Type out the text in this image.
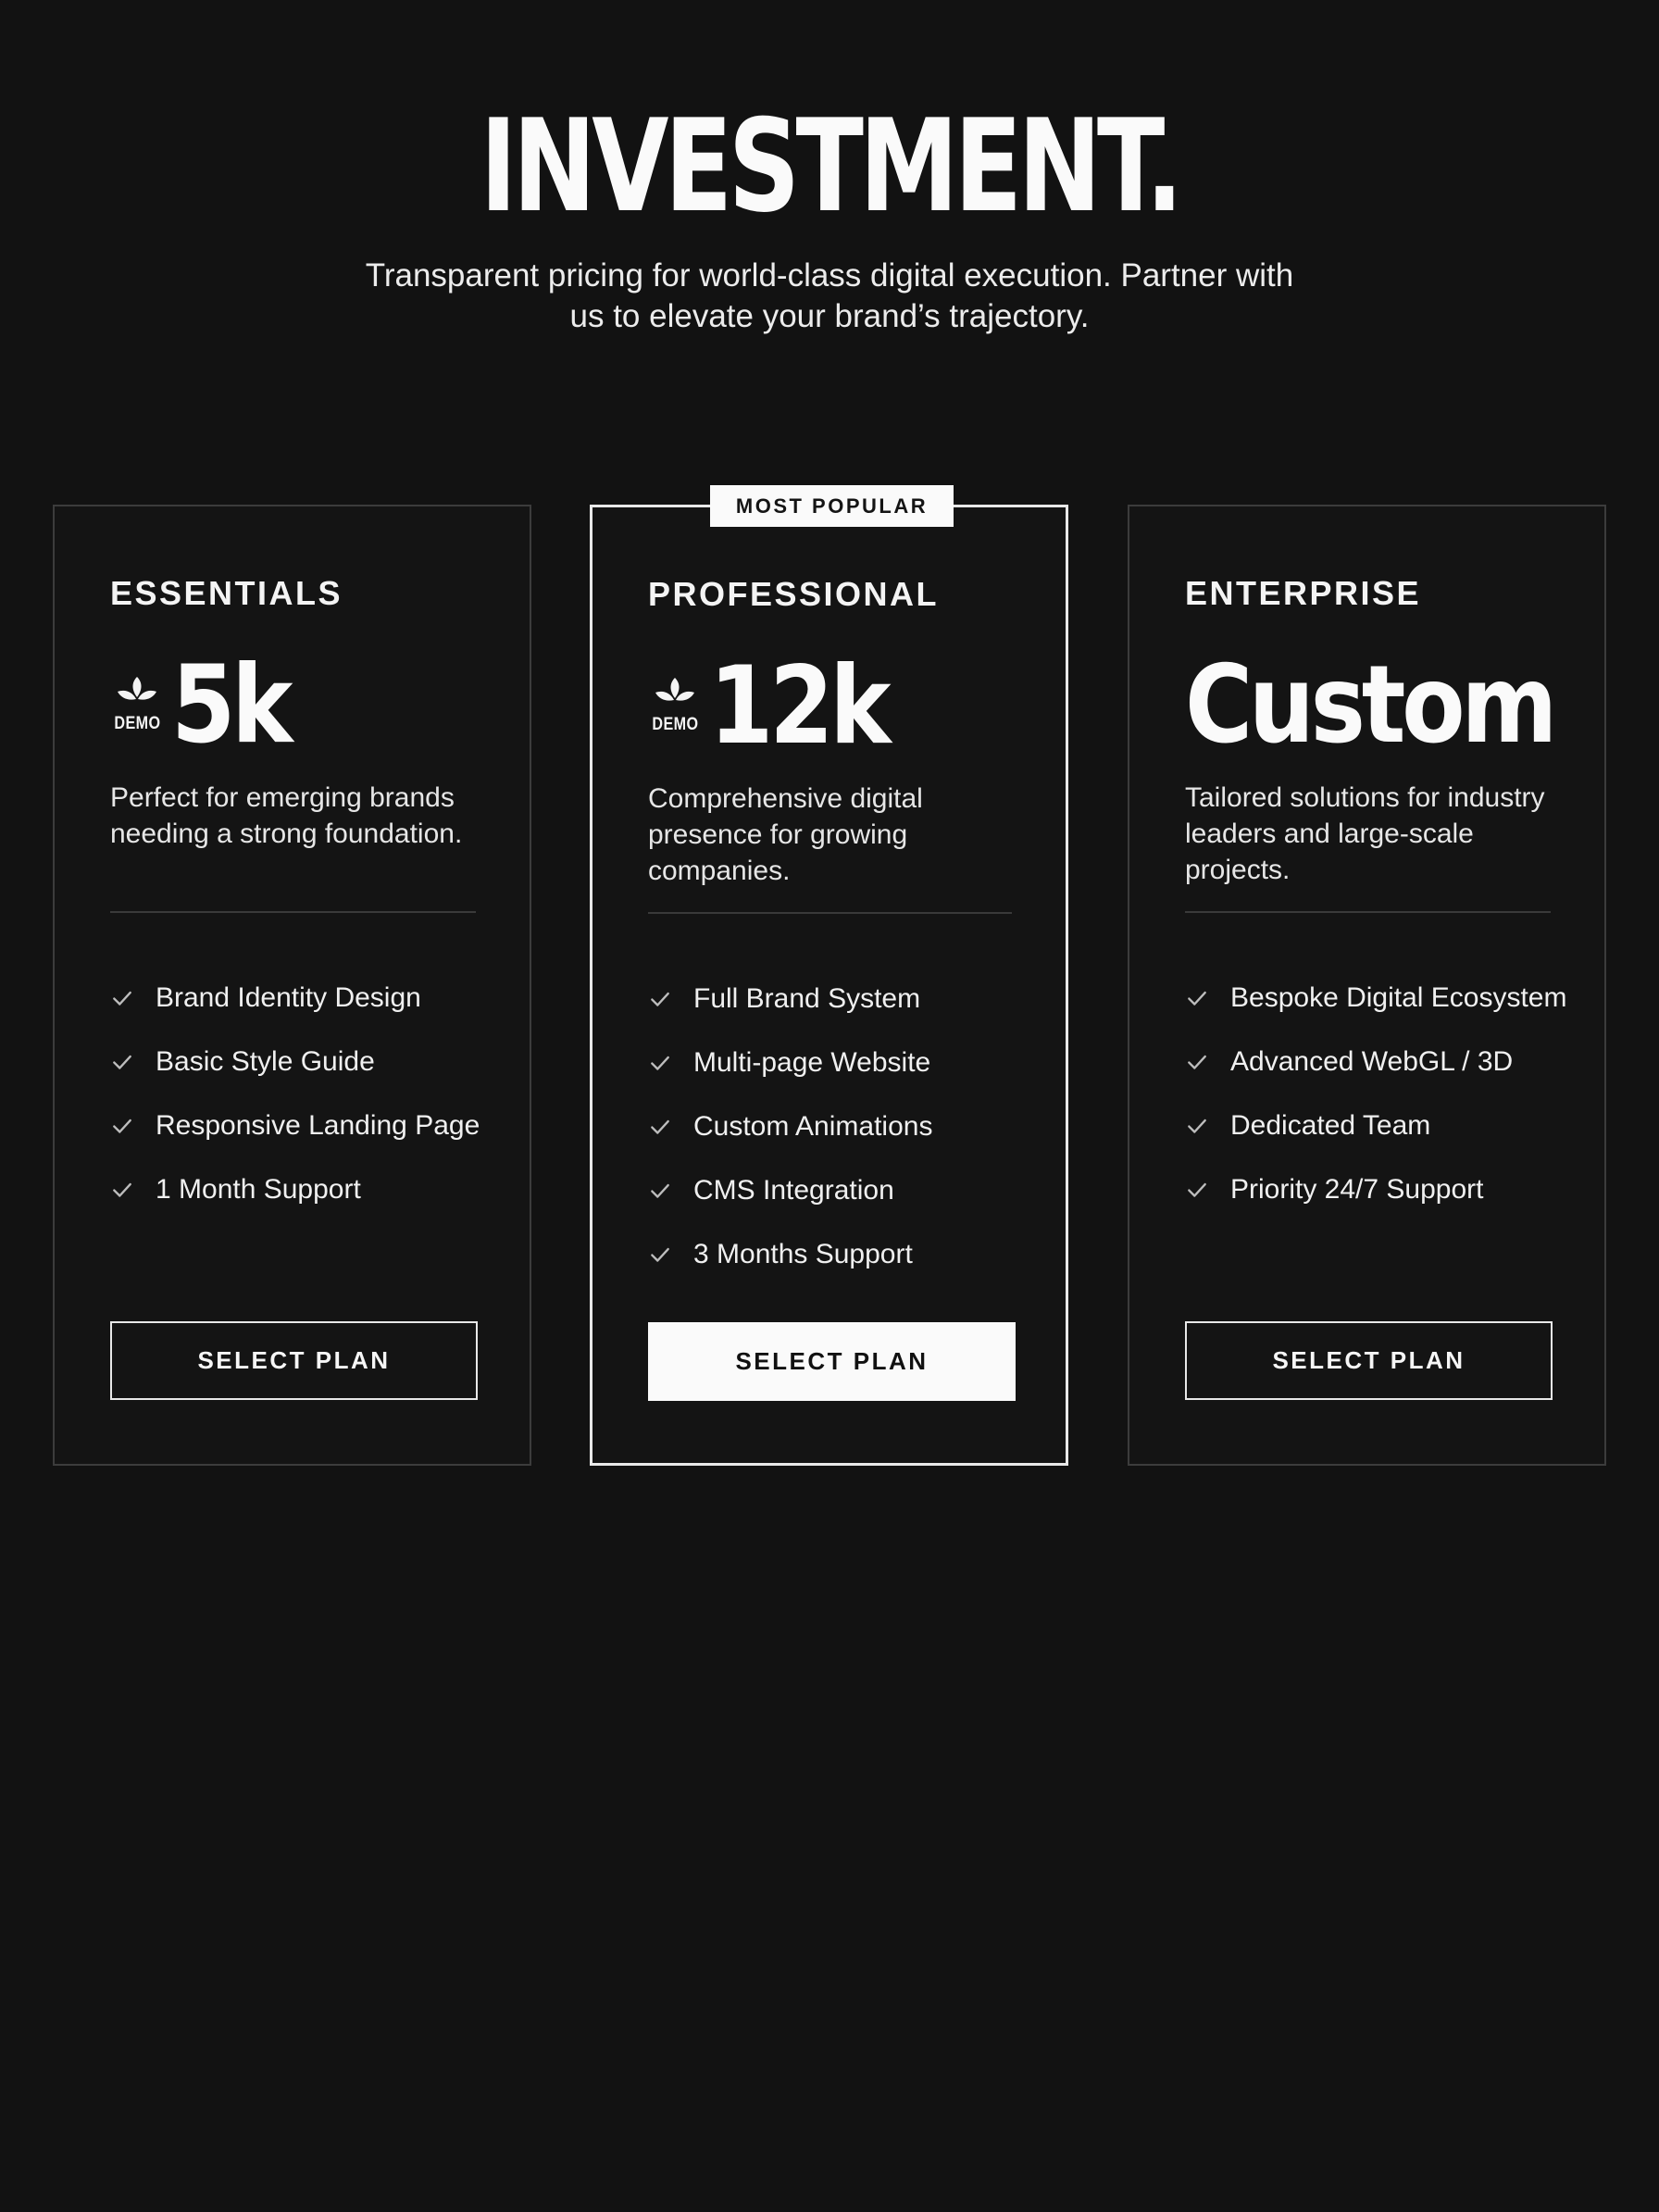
INVESTMENT.

Transparent pricing for world-class digital execution. Partner with us to elevate your brand’s trajectory.

ESSENTIALS
DEMO 5k

Perfect for emerging brands needing a strong foundation.

Brand Identity Design
Basic Style Guide
Responsive Landing Page
1 Month Support
SELECT PLAN
MOST POPULAR
PROFESSIONAL
DEMO 12k

Comprehensive digital presence for growing companies.

Full Brand System
Multi-page Website
Custom Animations
CMS Integration
3 Months Support
SELECT PLAN
ENTERPRISE
Custom

Tailored solutions for industry leaders and large-scale projects.

Bespoke Digital Ecosystem
Advanced WebGL / 3D
Dedicated Team
Priority 24/7 Support
SELECT PLAN
